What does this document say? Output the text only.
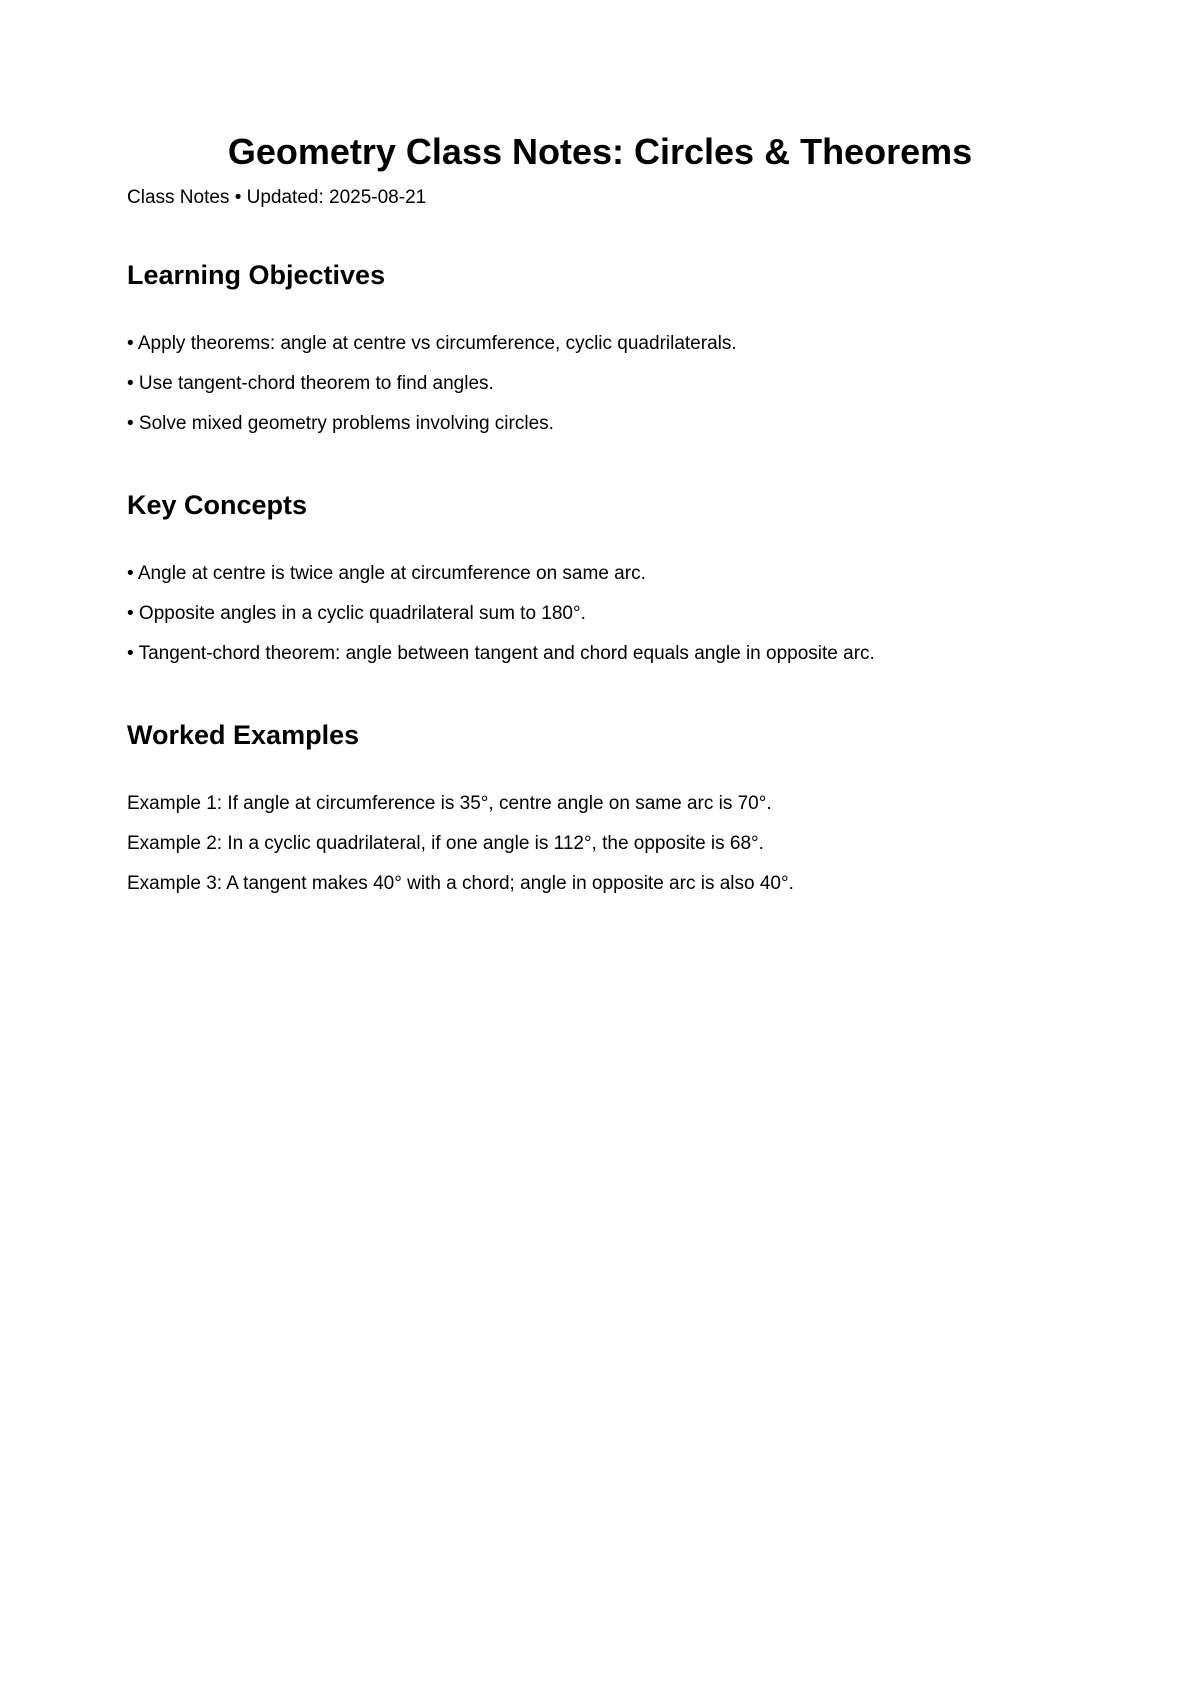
Geometry Class Notes: Circles & Theorems

Class Notes • Updated: 2025-08-21

Learning Objectives

• Apply theorems: angle at centre vs circumference, cyclic quadrilaterals.

• Use tangent-chord theorem to find angles.

• Solve mixed geometry problems involving circles.

Key Concepts

• Angle at centre is twice angle at circumference on same arc.

• Opposite angles in a cyclic quadrilateral sum to 180°.

• Tangent-chord theorem: angle between tangent and chord equals angle in opposite arc.

Worked Examples

Example 1: If angle at circumference is 35°, centre angle on same arc is 70°.

Example 2: In a cyclic quadrilateral, if one angle is 112°, the opposite is 68°.

Example 3: A tangent makes 40° with a chord; angle in opposite arc is also 40°.
